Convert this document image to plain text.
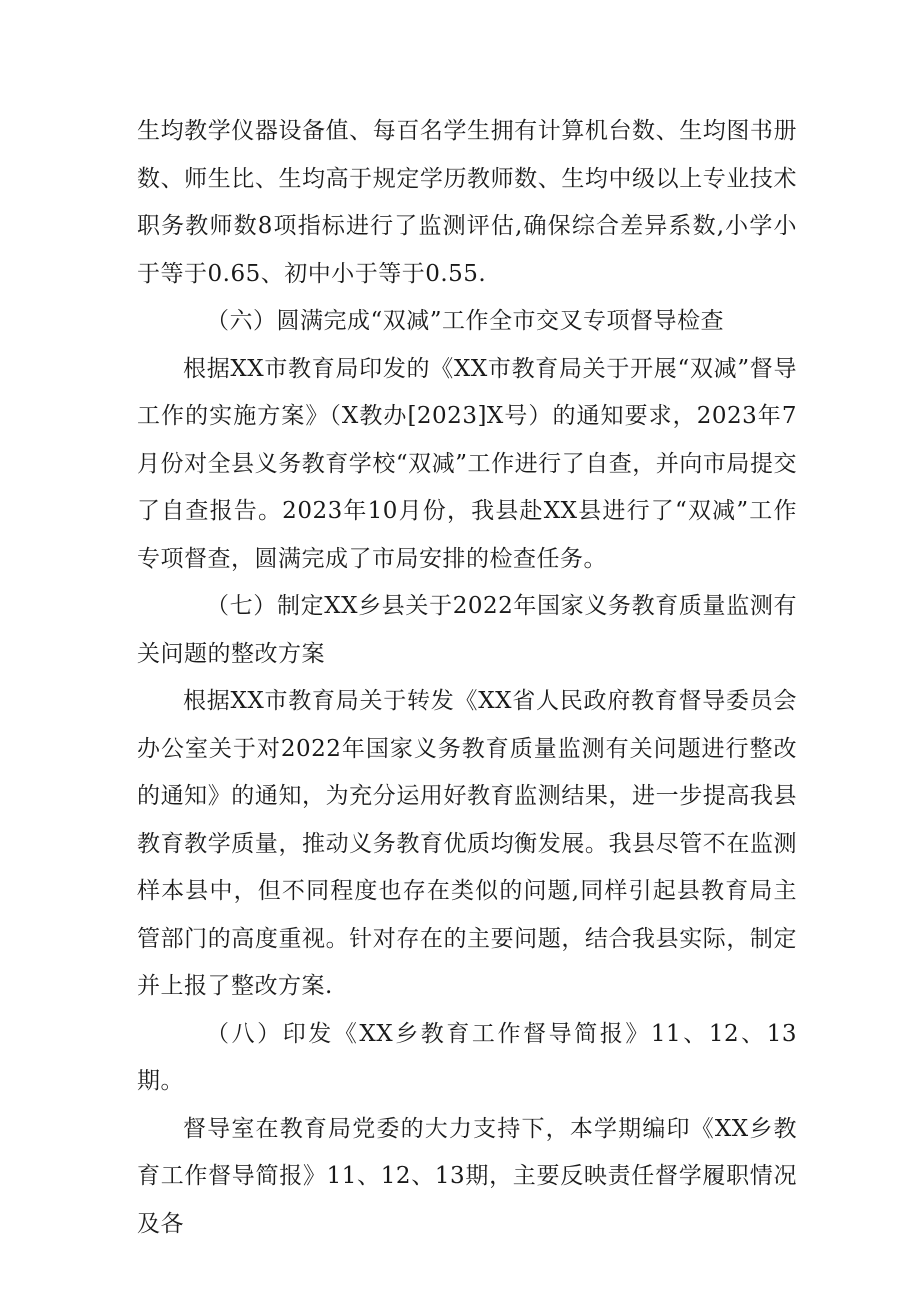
生均教学仪器设备值、每百名学生拥有计算机台数、生均图书册数、师生比、生均高于规定学历教师数、生均中级以上专业技术职务教师数8项指标进行了监测评估,确保综合差异系数,小学小于等于0.65、初中小于等于0.55.

（六）圆满完成“双减”工作全市交叉专项督导检查

根据XX市教育局印发的《XX市教育局关于开展“双减”督导工作的实施方案》（X教办[2023]X号）的通知要求，2023年7月份对全县义务教育学校“双减”工作进行了自查，并向市局提交了自查报告。2023年10月份，我县赴XX县进行了“双减”工作专项督查，圆满完成了市局安排的检查任务。

（七）制定XX乡县关于2022年国家义务教育质量监测有关问题的整改方案

根据XX市教育局关于转发《XX省人民政府教育督导委员会办公室关于对2022年国家义务教育质量监测有关问题进行整改的通知》的通知，为充分运用好教育监测结果，进一步提高我县教育教学质量，推动义务教育优质均衡发展。我县尽管不在监测样本县中，但不同程度也存在类似的问题,同样引起县教育局主管部门的高度重视。针对存在的主要问题，结合我县实际，制定并上报了整改方案.

（八）印发《XX乡教育工作督导简报》11、12、13期。

督导室在教育局党委的大力支持下，本学期编印《XX乡教育工作督导简报》11、12、13期，主要反映责任督学履职情况及各
